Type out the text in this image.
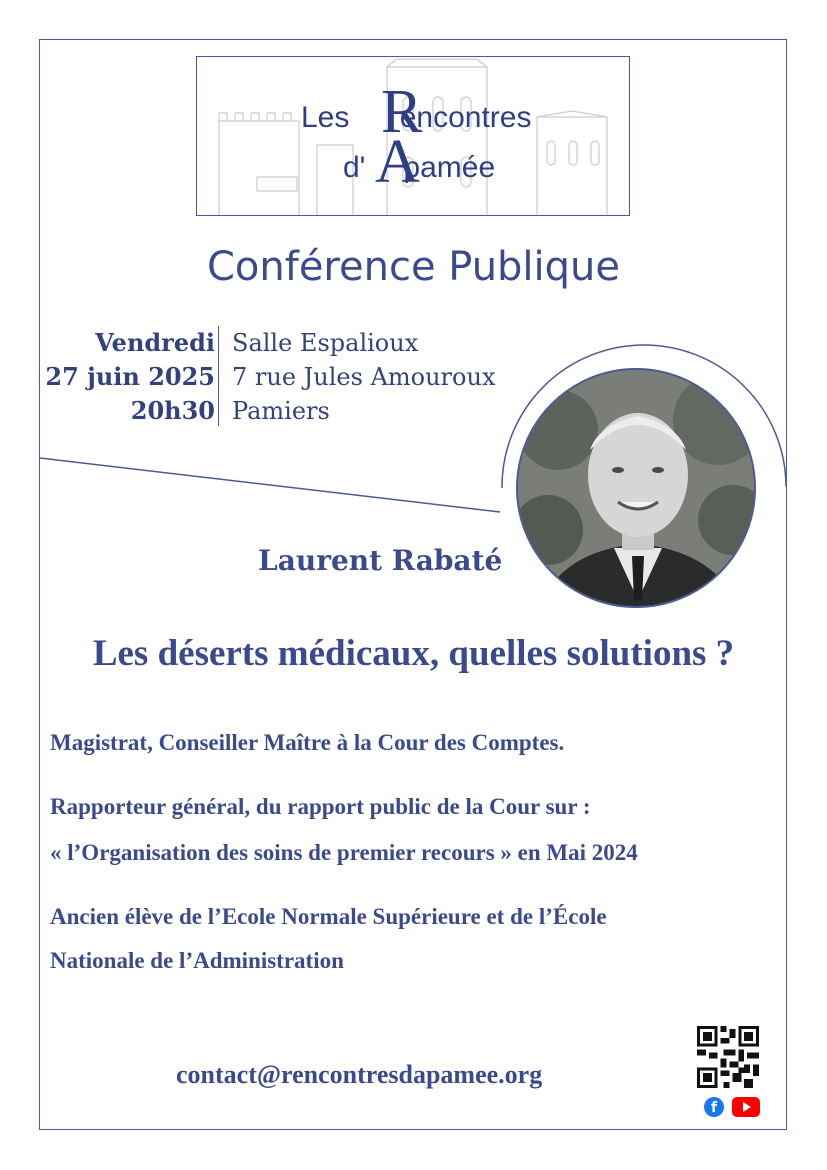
R
A
Les encontres
d' pamée
Conférence Publique
Vendredi
27 juin 2025
20h30
Salle Espalioux
7 rue Jules Amouroux
Pamiers
Laurent Rabaté
Les déserts médicaux, quelles solutions ?
Magistrat, Conseiller Maître à la Cour des Comptes.
Rapporteur général, du rapport public de la Cour sur :
« l’Organisation des soins de premier recours » en Mai 2024
Ancien élève de l’Ecole Normale Supérieure et de l’École
Nationale de l’Administration
contact@rencontresdapamee.org
f
